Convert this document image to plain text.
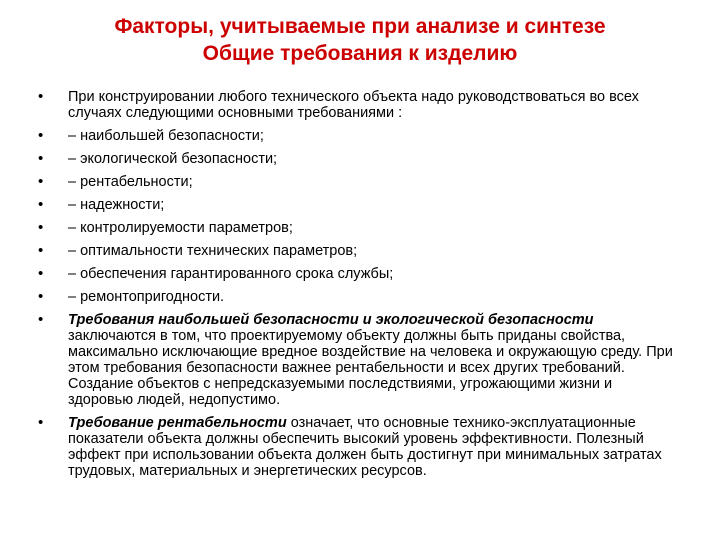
Факторы, учитываемые при анализе и синтезе
Общие требования к изделию
• При конструировании любого технического объекта надо руководствоваться во всех случаях следующими основными требованиями :
• – наибольшей безопасности;
• – экологической безопасности;
• – рентабельности;
• – надежности;
• – контролируемости параметров;
• – оптимальности технических параметров;
• – обеспечения гарантированного срока службы;
• – ремонтопригодности.
• Требования наибольшей безопасности и экологической безопасности заключаются в том, что проектируемому объекту должны быть приданы свойства, максимально исключающие вредное воздействие на человека и окружающую среду. При этом требования безопасности важнее рентабельности и всех других требований. Создание объектов с непредсказуемыми последствиями, угрожающими жизни и здоровью людей, недопустимо.
• Требование рентабельности означает, что основные технико-эксплуатационные показатели объекта должны обеспечить высокий уровень эффективности. Полезный эффект при использовании объекта должен быть достигнут при минимальных затратах трудовых, материальных и энергетических ресурсов.
